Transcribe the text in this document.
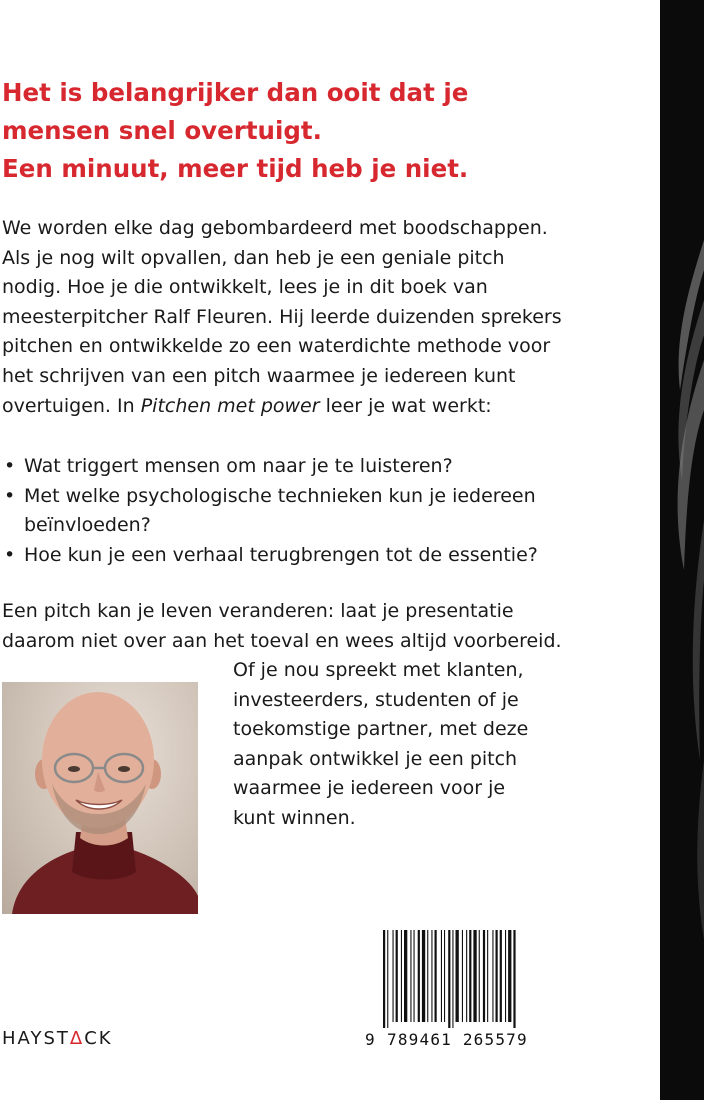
Het is belangrijker dan ooit dat je
mensen snel overtuigt.
Een minuut, meer tijd heb je niet.
We worden elke dag gebombardeerd met boodschappen.
Als je nog wilt opvallen, dan heb je een geniale pitch
nodig. Hoe je die ontwikkelt, lees je in dit boek van
meesterpitcher Ralf Fleuren. Hij leerde duizenden sprekers
pitchen en ontwikkelde zo een waterdichte methode voor
het schrijven van een pitch waarmee je iedereen kunt
overtuigen. In Pitchen met power leer je wat werkt:
• Wat triggert mensen om naar je te luisteren?
• Met welke psychologische technieken kun je iedereen
beïnvloeden?
• Hoe kun je een verhaal terugbrengen tot de essentie?
Een pitch kan je leven veranderen: laat je presentatie
daarom niet over aan het toeval en wees altijd voorbereid.
Of je nou spreekt met klanten,
investeerders, studenten of je
toekomstige partner, met deze
aanpak ontwikkel je een pitch
waarmee je iedereen voor je
kunt winnen.
HAYSTΔCK	9 789461 265579
